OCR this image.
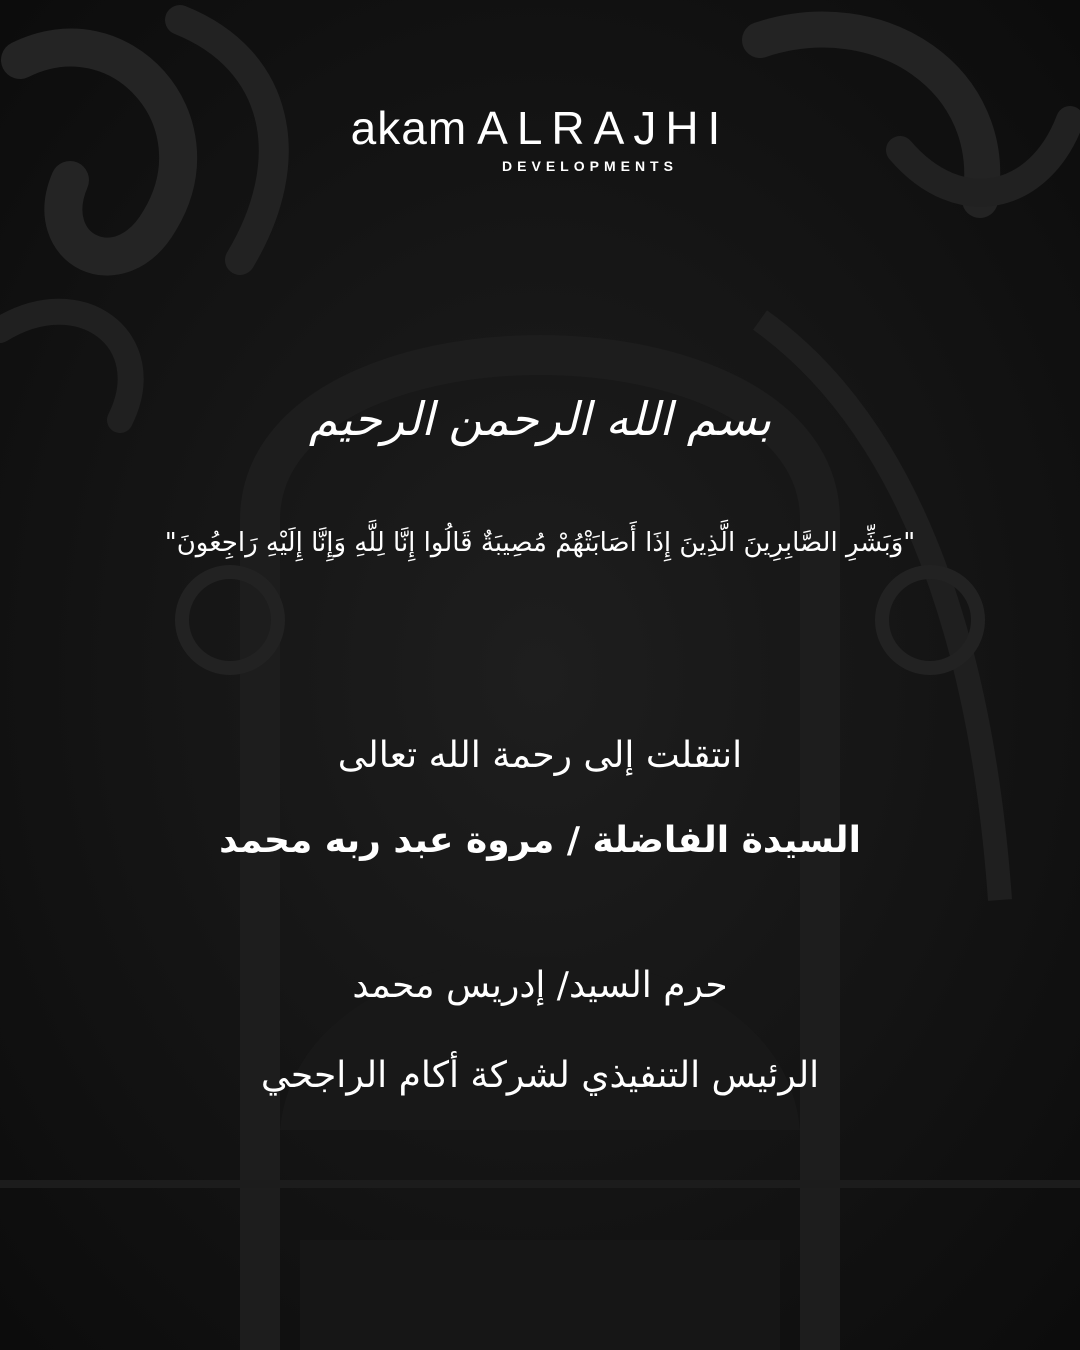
akam ALRAJHI
DEVELOPMENTS
بسم الله الرحمن الرحيم
"وَبَشِّرِ الصَّابِرِينَ الَّذِينَ إِذَا أَصَابَتْهُمْ مُصِيبَةٌ قَالُوا إِنَّا لِلَّهِ وَإِنَّا إِلَيْهِ رَاجِعُونَ"
انتقلت إلى رحمة الله تعالى
السيدة الفاضلة / مروة عبد ربه محمد
حرم السيد/ إدريس محمد
الرئيس التنفيذي لشركة أكام الراجحي
